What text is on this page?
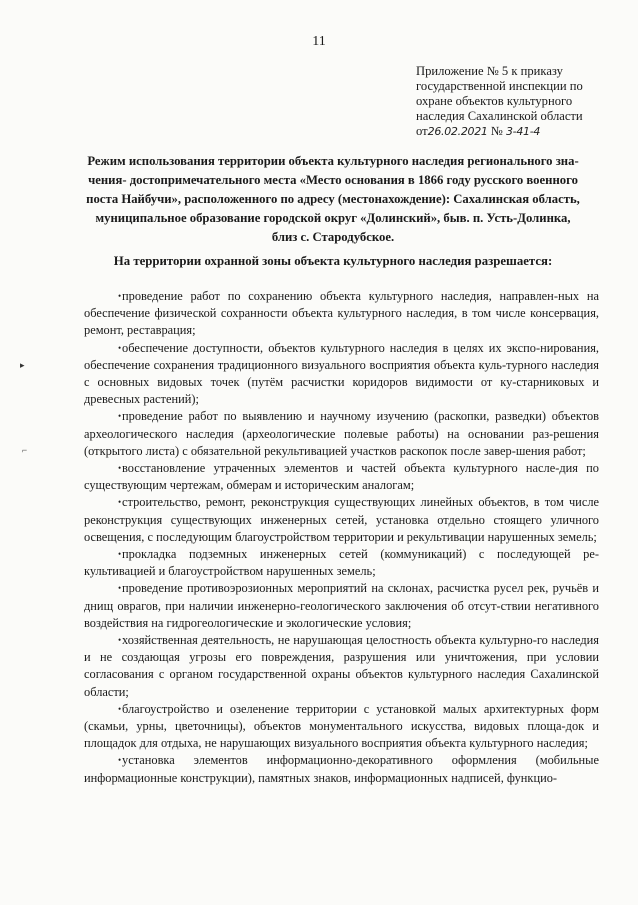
11
Приложение № 5 к приказу
государственной инспекции по
охране объектов культурного
наследия Сахалинской области
от26.02.2021 № 3-41-4
Режим использования территории объекта культурного наследия регионального зна-
чения- достопримечательного места «Место основания в 1866 году русского военного
поста Найбучи», расположенного по адресу (местонахождение): Сахалинская область,
муниципальное образование городской округ «Долинский», быв. п. Усть-Долинка,
близ с. Стародубское.
На территории охранной зоны объекта культурного наследия разрешается:

• проведение работ по сохранению объекта культурного наследия, направлен-ных на обеспечение физической сохранности объекта культурного наследия, в том числе консервация, ремонт, реставрация;

• обеспечение доступности, объектов культурного наследия в целях их экспо-нирования, обеспечение сохранения традиционного визуального восприятия объекта куль-турного наследия с основных видовых точек (путём расчистки коридоров видимости от ку-старниковых и древесных растений);

• проведение работ по выявлению и научному изучению (раскопки, разведки) объектов археологического наследия (археологические полевые работы) на основании раз-решения (открытого листа) с обязательной рекультивацией участков раскопок после завер-шения работ;

• восстановление утраченных элементов и частей объекта культурного насле-дия по существующим чертежам, обмерам и историческим аналогам;

• строительство, ремонт, реконструкция существующих линейных объектов, в том числе реконструкция существующих инженерных сетей, установка отдельно стоящего уличного освещения, с последующим благоустройством территории и рекультивации нарушенных земель;

• прокладка подземных инженерных сетей (коммуникаций) с последующей ре-культивацией и благоустройством нарушенных земель;

• проведение противоэрозионных мероприятий на склонах, расчистка русел рек, ручьёв и днищ оврагов, при наличии инженерно-геологического заключения об отсут-ствии негативного воздействия на гидрогеологические и экологические условия;

• хозяйственная деятельность, не нарушающая целостность объекта культурно-го наследия и не создающая угрозы его повреждения, разрушения или уничтожения, при условии согласования с органом государственной охраны объектов культурного наследия Сахалинской области;

• благоустройство и озеленение территории с установкой малых архитектурных форм (скамьи, урны, цветочницы), объектов монументального искусства, видовых площа-док и площадок для отдыха, не нарушающих визуального восприятия объекта культурного наследия;

• установка элементов информационно-декоративного оформления (мобильные информационные конструкции), памятных знаков, информационных надписей, функцио-

▸
⌐
